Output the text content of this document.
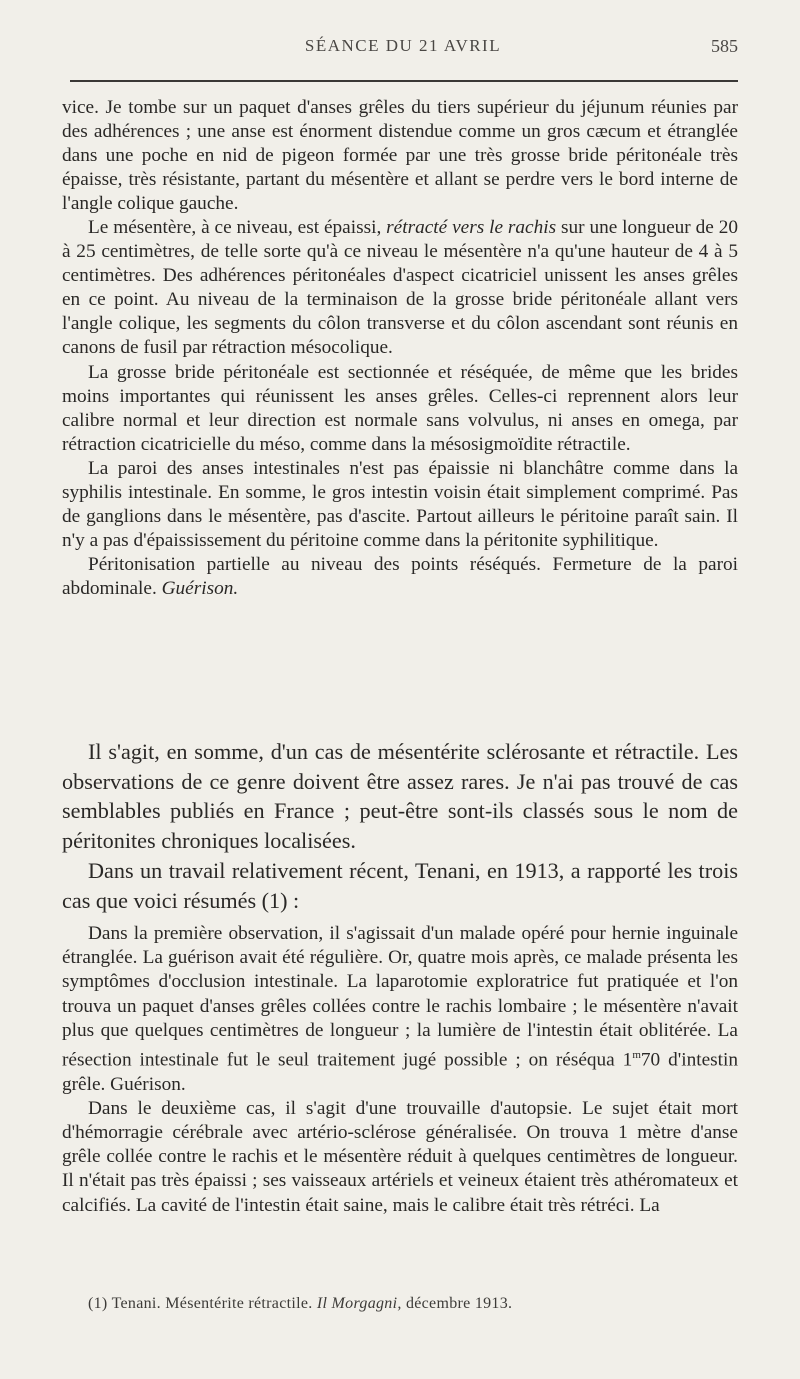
SÉANCE DU 21 AVRIL	585

vice. Je tombe sur un paquet d'anses grêles du tiers supérieur du jéjunum réunies par des adhérences ; une anse est énorment distendue comme un gros cæcum et étranglée dans une poche en nid de pigeon formée par une très grosse bride péritonéale très épaisse, très résistante, partant du mésentère et allant se perdre vers le bord interne de l'angle colique gauche.

Le mésentère, à ce niveau, est épaissi, rétracté vers le rachis sur une longueur de 20 à 25 centimètres, de telle sorte qu'à ce niveau le mésentère n'a qu'une hauteur de 4 à 5 centimètres. Des adhérences péritonéales d'aspect cicatriciel unissent les anses grêles en ce point. Au niveau de la terminaison de la grosse bride péritonéale allant vers l'angle colique, les segments du côlon transverse et du côlon ascendant sont réunis en canons de fusil par rétraction mésocolique.

La grosse bride péritonéale est sectionnée et réséquée, de même que les brides moins importantes qui réunissent les anses grêles. Celles-ci reprennent alors leur calibre normal et leur direction est normale sans volvulus, ni anses en omega, par rétraction cicatricielle du méso, comme dans la mésosigmoïdite rétractile.

La paroi des anses intestinales n'est pas épaissie ni blanchâtre comme dans la syphilis intestinale. En somme, le gros intestin voisin était simplement comprimé. Pas de ganglions dans le mésentère, pas d'ascite. Partout ailleurs le péritoine paraît sain. Il n'y a pas d'épaississement du péritoine comme dans la péritonite syphilitique.

Péritonisation partielle au niveau des points réséqués. Fermeture de la paroi abdominale. Guérison.

Il s'agit, en somme, d'un cas de mésentérite sclérosante et rétractile. Les observations de ce genre doivent être assez rares. Je n'ai pas trouvé de cas semblables publiés en France ; peut-être sont-ils classés sous le nom de péritonites chroniques localisées.

Dans un travail relativement récent, Tenani, en 1913, a rapporté les trois cas que voici résumés (1) :

Dans la première observation, il s'agissait d'un malade opéré pour hernie inguinale étranglée. La guérison avait été régulière. Or, quatre mois après, ce malade présenta les symptômes d'occlusion intestinale. La laparotomie exploratrice fut pratiquée et l'on trouva un paquet d'anses grêles collées contre le rachis lombaire ; le mésentère n'avait plus que quelques centimètres de longueur ; la lumière de l'intestin était oblitérée. La résection intestinale fut le seul traitement jugé possible ; on réséqua 1$^m$70 d'intestin grêle. Guérison.

Dans le deuxième cas, il s'agit d'une trouvaille d'autopsie. Le sujet était mort d'hémorragie cérébrale avec artério-sclérose généralisée. On trouva 1 mètre d'anse grêle collée contre le rachis et le mésentère réduit à quelques centimètres de longueur. Il n'était pas très épaissi ; ses vaisseaux artériels et veineux étaient très athéromateux et calcifiés. La cavité de l'intestin était saine, mais le calibre était très rétréci. La

(1) Tenani. Mésentérite rétractile. Il Morgagni, décembre 1913.
